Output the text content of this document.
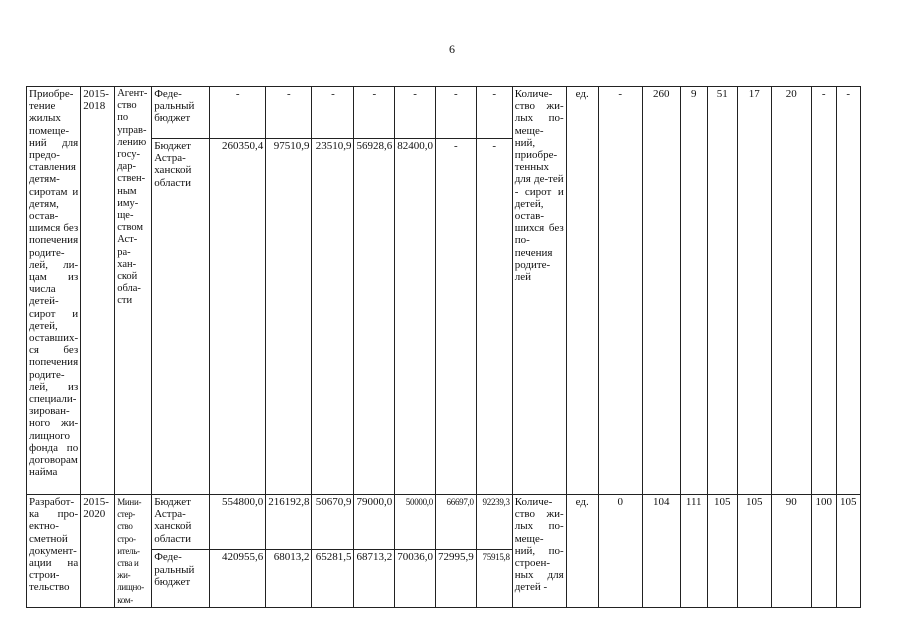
6
Приобре-тение жилых помеще-ний для предо-ставления детям-сиротам и детям, остав-шимся без попечения родите-лей, ли-цам из числа детей-сирот и детей, оставших-ся без попечения родите-лей, из специали-зирован-ного жи-лищного фонда по договорам найма	2015-2018	Агент-ство по управ-лению госу-дар-ствен-ным иму-ще-ством Аст-ра-хан-ской обла-сти	Феде-ральный бюджет	-	-	-	-	-	-	-	Количе-ство жи-лых по-меще-ний, приобре-тенных для де-тей - сирот и детей, остав-шихся без по-печения родите-лей	ед.	-	260	9	51	17	20	-	-
			Бюджет Астра-ханской области	260350,4	97510,9	23510,9	56928,6	82400,0	-	-										
Разработ-ка про-ектно-сметной документ-ации на строи-тельство	2015-2020	Мини-стер-ство стро-итель-ства и жи-лищно-ком-	Бюджет Астра-ханской области	554800,0	216192,8	50670,9	79000,0	50000,0	66697,0	92239,3	Количе-ство жи-лых по-меще-ний, по-строен-ных для детей -	ед.	0	104	111	105	105	90	100	105
			Феде-ральный бюджет	420955,6	68013,2	65281,5	68713,2	70036,0	72995,9	75915,8										
